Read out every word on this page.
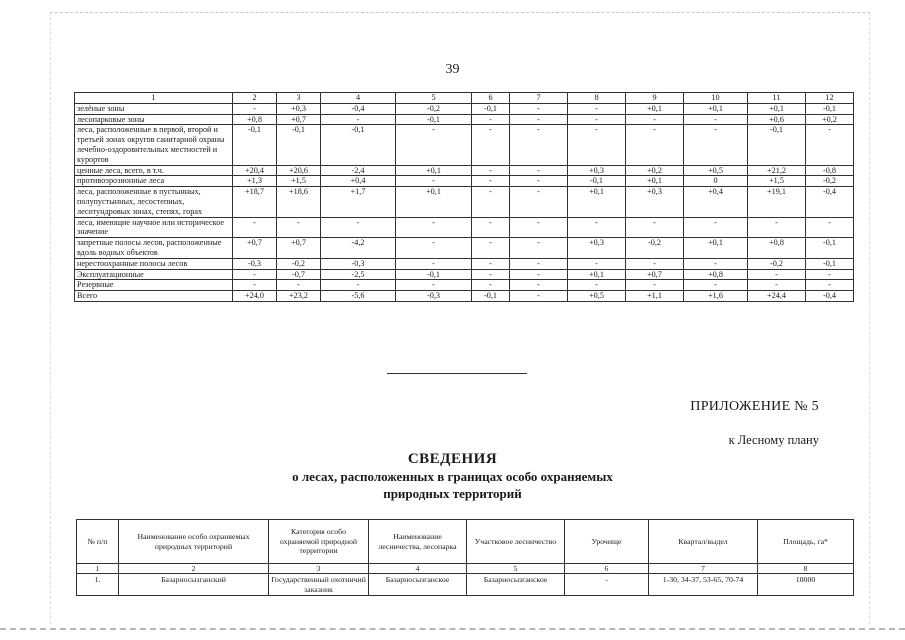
39
1	2	3	4	5	6	7	8	9	10	11	12
зелёные зоны	-	+0,3	-0,4	-0,2	-0,1	-	-	+0,1	+0,1	+0,1	-0,1
лесопарковые зоны	+0,8	+0,7	-	-0,1	-	-	-	-	-	+0,6	+0,2
леса, расположенные в первой, второй и третьей зонах округов санитарной охраны лечебно-оздоровительных местностей и курортов	-0,1	-0,1	-0,1	-	-	-	-	-	-	-0,1	-
ценные леса, всего, в т.ч.	+20,4	+20,6	-2,4	+0,1	-	-	+0,3	+0,2	+0,5	+21,2	-0,8
противоэрозионные леса	+1,3	+1,5	+0,4	-	-	-	-0,1	+0,1	0	+1,5	-0,2
леса, расположенные в пустынных, полупустынных, лесостепных, лесотундровых зонах, степях, горах	+18,7	+18,6	+1,7	+0,1	-	-	+0,1	+0,3	+0,4	+19,1	-0,4
леса, имеющие научное или историческое значение	-	-	-	-	-	-	-	-	-	-	-
запретные полосы лесов, расположенные вдоль водных объектов	+0,7	+0,7	-4,2	-	-	-	+0,3	-0,2	+0,1	+0,8	-0,1
нерестоохранные полосы лесов	-0,3	-0,2	-0,3	-	-	-	-	-	-	-0,2	-0,1
Эксплуатационные	-	-0,7	-2,5	-0,1	-	-	+0,1	+0,7	+0,8	-	-
Резервные	-	-	-	-	-	-	-	-	-	-	-
Всего	+24,0	+23,2	-5,6	-0,3	-0,1	-	+0,5	+1,1	+1,6	+24,4	-0,4
ПРИЛОЖЕНИЕ № 5
к Лесному плану
СВЕДЕНИЯ
о лесах, расположенных в границах особо охраняемых
природных территорий
№ п/п	Наименование особо охраняемых природных территорий	Категория особо охраняемой природной территории	Наименование лесничества, лесопарка	Участковое лесничество	Урочище	Квартал/выдел	Площадь, га*
1	2	3	4	5	6	7	8
1.	Базарносызганский	Государственный охотничий заказник	Базарносызганское	Базарносызганское	-	1-30, 34-37, 53-65, 70-74	10000
